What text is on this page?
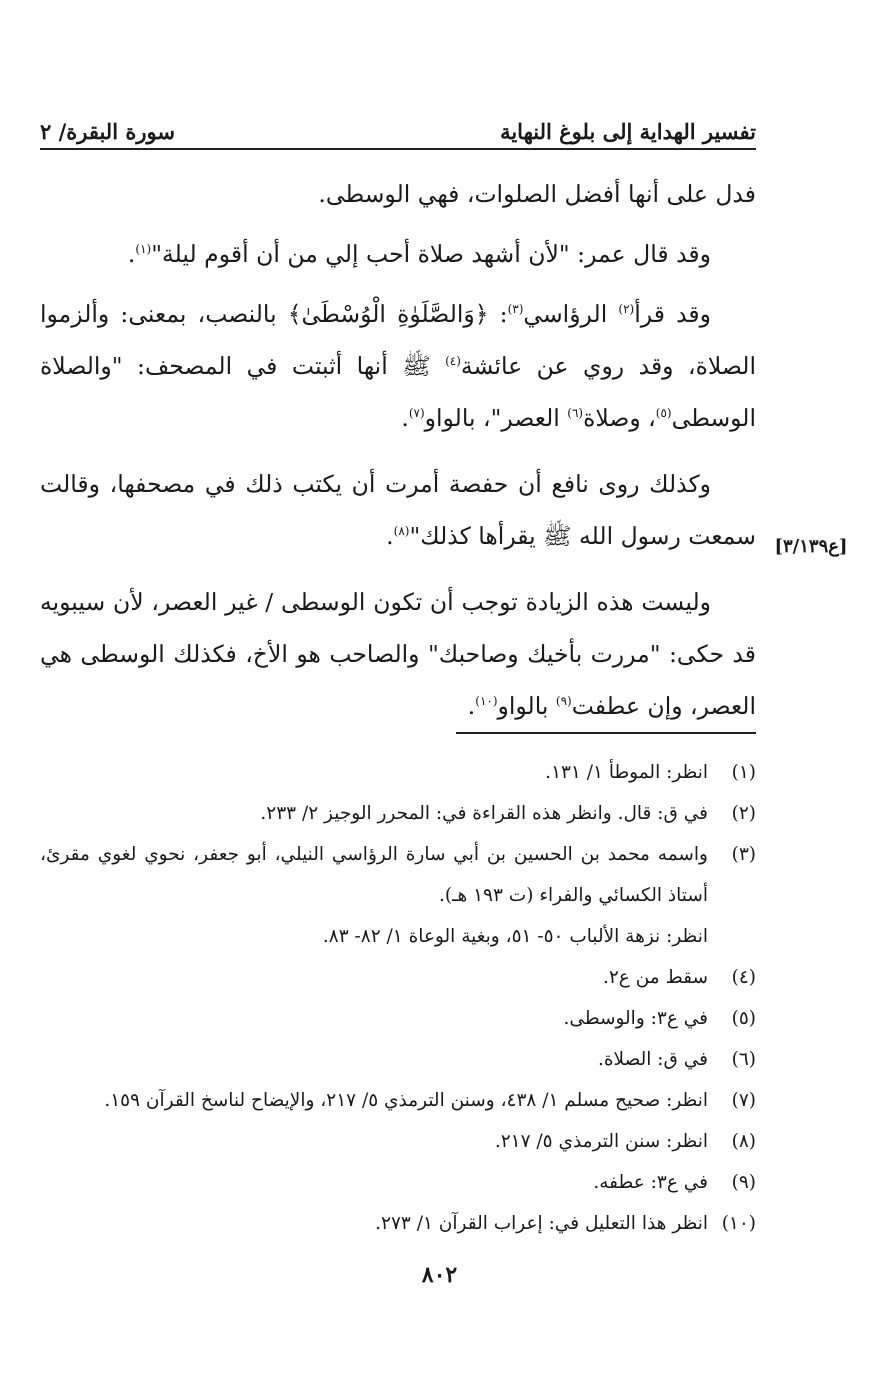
تفسير الهداية إلى بلوغ النهاية
سورة البقرة/ ٢

فدل على أنها أفضل الصلوات، فهي الوسطى.

وقد قال عمر: "لأن أشهد صلاة أحب إلي من أن أقوم ليلة"$^{(١)}$.

وقد قرأ$^{(٢)}$ الرؤاسي$^{(٣)}$: ﴿وَالصَّلَوٰةِ الْوُسْطَىٰ﴾ بالنصب، بمعنى: وألزموا الصلاة، وقد روي عن عائشة$^{(٤)}$ ﷺ أنها أثبتت في المصحف: "والصلاة الوسطى$^{(٥)}$، وصلاة$^{(٦)}$ العصر"، بالواو$^{(٧)}$.

وكذلك روى نافع أن حفصة أمرت أن يكتب ذلك في مصحفها، وقالت سمعت رسول الله ﷺ يقرأها كذلك"$^{(٨)}$.

وليست هذه الزيادة توجب أن تكون الوسطى / غير العصر، لأن سيبويه قد حكى: "مررت بأخيك وصاحبك" والصاحب هو الأخ، فكذلك الوسطى هي العصر، وإن عطفت$^{(٩)}$ بالواو$^{(١٠)}$.

[ع٣/١٣٩]
(١)
انظر: الموطأ ١/ ١٣١.
(٢)
في ق: قال. وانظر هذه القراءة في: المحرر الوجيز ٢/ ٢٣٣.
(٣)
واسمه محمد بن الحسين بن أبي سارة الرؤاسي النيلي، أبو جعفر، نحوي لغوي مقرئ، أستاذ الكسائي والفراء (ت ١٩٣ هـ).
انظر: نزهة الألباب ٥٠- ٥١، وبغية الوعاة ١/ ٨٢- ٨٣.
(٤)
سقط من ع٢.
(٥)
في ع٣: والوسطى.
(٦)
في ق: الصلاة.
(٧)
انظر: صحيح مسلم ١/ ٤٣٨، وسنن الترمذي ٥/ ٢١٧، والإيضاح لناسخ القرآن ١٥٩.
(٨)
انظر: سنن الترمذي ٥/ ٢١٧.
(٩)
في ع٣: عطفه.
(١٠)
انظر هذا التعليل في: إعراب القرآن ١/ ٢٧٣.
٨٠٢
